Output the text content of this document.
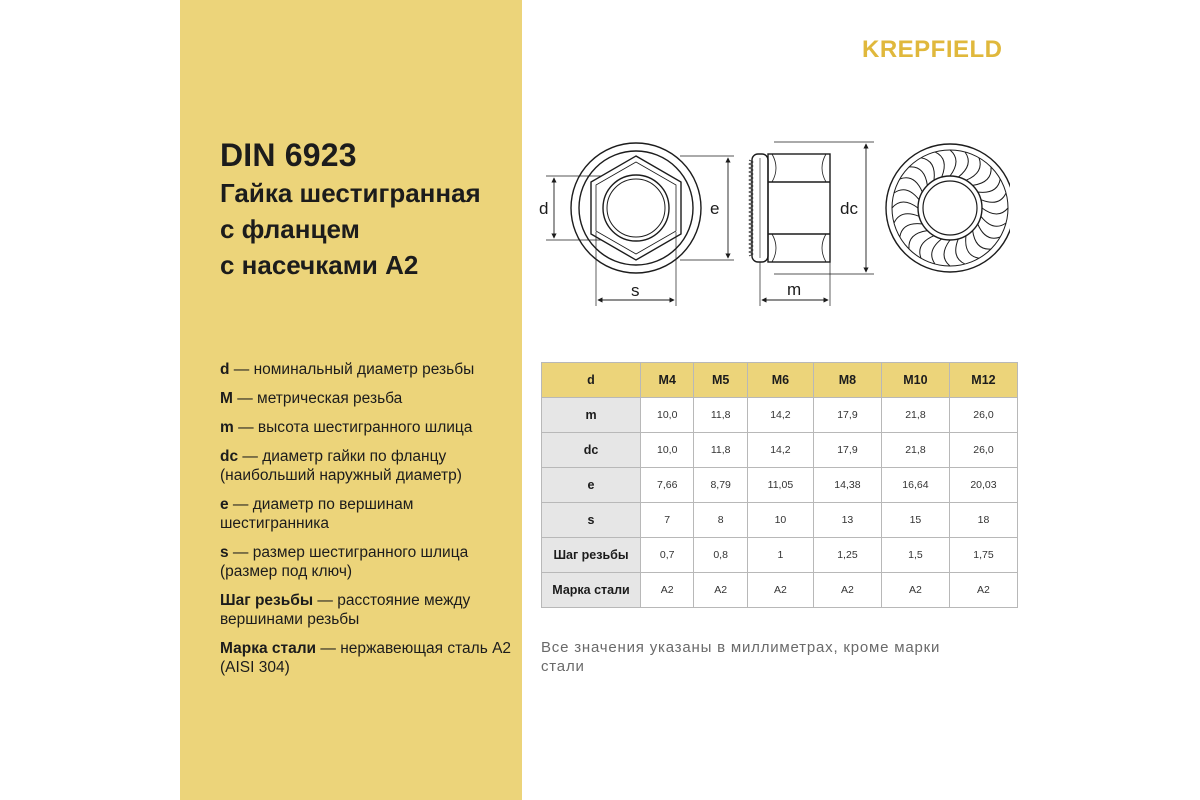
DIN 6923
Гайка шестигранная
с фланцем
с насечками А2
d — номинальный диаметр резьбы
M — метрическая резьба
m — высота шестигранного шлица
dc — диаметр гайки по фланцу (наибольший наружный диаметр)
e — диаметр по вершинам шестигранника
s — размер шестигранного шлица (размер под ключ)
Шаг резьбы — расстояние между вершинами резьбы
Марка стали — нержавеющая сталь А2 (AISI 304)
KREPFIELD
d	e
s	m
dc
d	M4	M5	M6	M8	M10	M12
m	10,0	11,8	14,2	17,9	21,8	26,0
dc	10,0	11,8	14,2	17,9	21,8	26,0
e	7,66	8,79	11,05	14,38	16,64	20,03
s	7	8	10	13	15	18
Шаг резьбы	0,7	0,8	1	1,25	1,5	1,75
Марка стали	А2	А2	А2	А2	А2	А2
Все значения указаны в миллиметрах, кроме марки стали
